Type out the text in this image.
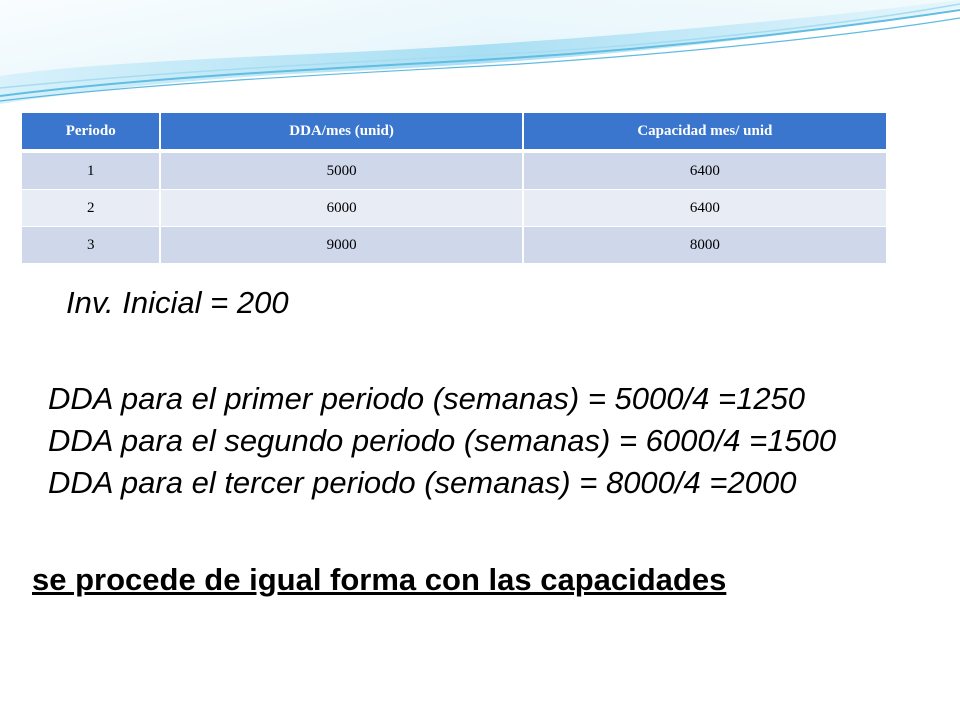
Periodo	DDA/mes (unid)	Capacidad mes/ unid
1	5000	6400
2	6000	6400
3	9000	8000
Inv. Inicial = 200
DDA para el primer periodo (semanas) = 5000/4 =1250
DDA para el segundo periodo (semanas) = 6000/4 =1500
DDA para el tercer periodo (semanas) = 8000/4 =2000
se procede de igual forma con las capacidades
